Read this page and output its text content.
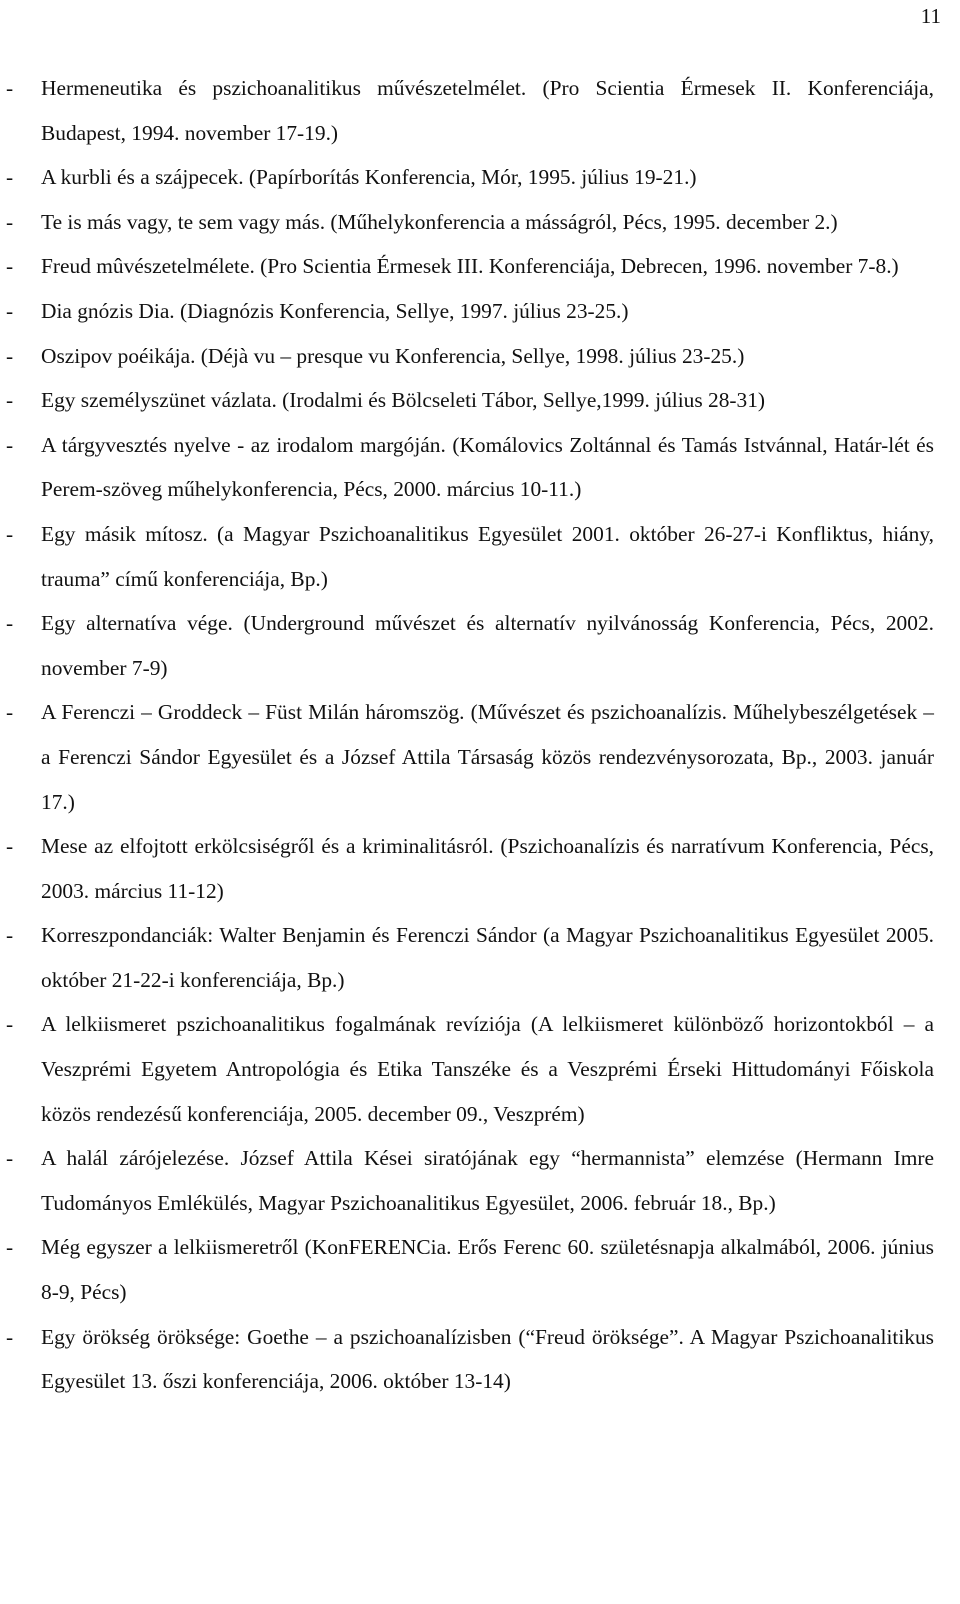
11
- Hermeneutika és pszichoanalitikus művészetelmélet. (Pro Scientia Érmesek II. Konferenciája, Budapest, 1994. november 17-19.)
- A kurbli és a szájpecek. (Papírborítás Konferencia, Mór, 1995. július 19-21.)
- Te is más vagy, te sem vagy más. (Műhelykonferencia a másságról, Pécs, 1995. december 2.)
- Freud mûvészetelmélete. (Pro Scientia Érmesek III. Konferenciája, Debrecen, 1996. november 7-8.)
- Dia gnózis Dia. (Diagnózis Konferencia, Sellye, 1997. július 23-25.)
- Oszipov poéikája. (Déjà vu – presque vu Konferencia, Sellye, 1998. július 23-25.)
- Egy személyszünet vázlata. (Irodalmi és Bölcseleti Tábor, Sellye,1999. július 28-31)
- A tárgyvesztés nyelve - az irodalom margóján. (Komálovics Zoltánnal és Tamás Istvánnal, Határ-lét és Perem-szöveg műhelykonferencia, Pécs, 2000. március 10-11.)
- Egy másik mítosz. (a Magyar Pszichoanalitikus Egyesület 2001. október 26-27-i Konfliktus, hiány, trauma” című konferenciája, Bp.)
- Egy alternatíva vége. (Underground művészet és alternatív nyilvánosság Konferencia, Pécs, 2002. november 7-9)
- A Ferenczi – Groddeck – Füst Milán háromszög. (Művészet és pszichoanalízis. Műhelybeszélgetések – a Ferenczi Sándor Egyesület és a József Attila Társaság közös rendezvénysorozata, Bp., 2003. január 17.)
- Mese az elfojtott erkölcsiségről és a kriminalitásról. (Pszichoanalízis és narratívum Konferencia, Pécs, 2003. március 11-12)
- Korreszpondanciák: Walter Benjamin és Ferenczi Sándor (a Magyar Pszichoanalitikus Egyesület 2005. október 21-22-i konferenciája, Bp.)
- A lelkiismeret pszichoanalitikus fogalmának revíziója (A lelkiismeret különböző horizontokból – a Veszprémi Egyetem Antropológia és Etika Tanszéke és a Veszprémi Érseki Hittudományi Főiskola közös rendezésű konferenciája, 2005. december 09., Veszprém)
- A halál zárójelezése. József Attila Kései siratójának egy “hermannista” elemzése (Hermann Imre Tudományos Emlékülés, Magyar Pszichoanalitikus Egyesület, 2006. február 18., Bp.)
- Még egyszer a lelkiismeretről (KonFERENCia. Erős Ferenc 60. születésnapja alkalmából, 2006. június 8-9, Pécs)
- Egy örökség öröksége: Goethe – a pszichoanalízisben (“Freud öröksége”. A Magyar Pszichoanalitikus Egyesület 13. őszi konferenciája, 2006. október 13-14)
